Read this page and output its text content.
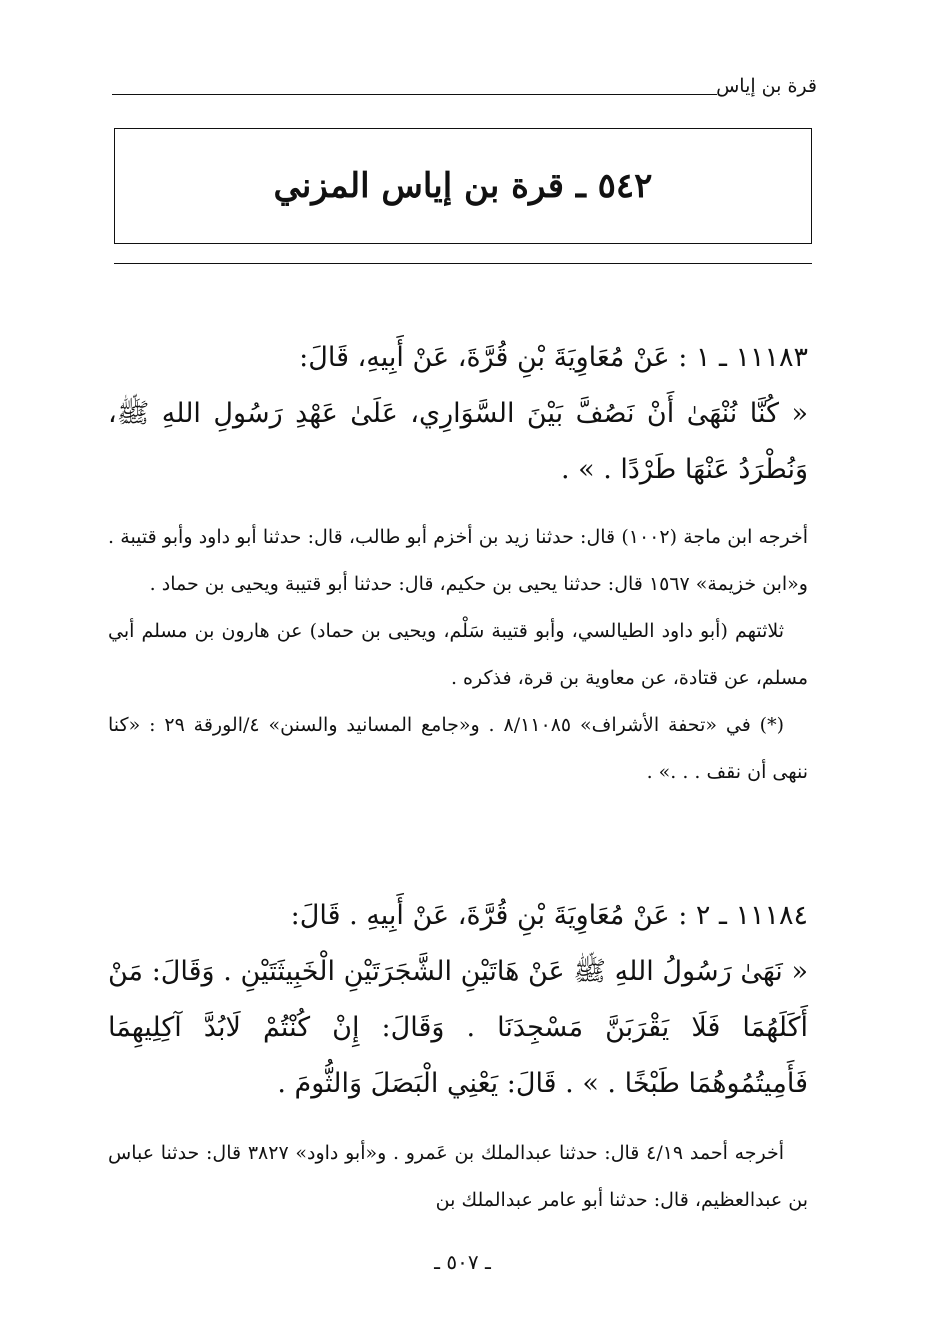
قرة بن إياس
٥٤٢ ـ قرة بن إياس المزني

١١١٨٣ ـ ١ : عَنْ مُعَاوِيَةَ بْنِ قُرَّةَ، عَنْ أَبِيهِ، قَالَ:

« كُنَّا نُنْهَىٰ أَنْ نَصُفَّ بَيْنَ السَّوَارِي، عَلَىٰ عَهْدِ رَسُولِ اللهِ ﷺ، وَنُطْرَدُ عَنْهَا طَرْدًا . » .

أخرجه ابن ماجة (١٠٠٢) قال: حدثنا زيد بن أخزم أبو طالب، قال: حدثنا أبو داود وأبو قتيبة . و«ابن خزيمة» ١٥٦٧ قال: حدثنا يحيى بن حكيم، قال: حدثنا أبو قتيبة ويحيى بن حماد .

ثلاثتهم (أبو داود الطيالسي، وأبو قتيبة سَلْم، ويحيى بن حماد) عن هارون بن مسلم أبي مسلم، عن قتادة، عن معاوية بن قرة، فذكره .

(*) في «تحفة الأشراف» ٨/١١٠٨٥ . و«جامع المسانيد والسنن» ٤/الورقة ٢٩ : «كنا ننهى أن نقف . . .» .

١١١٨٤ ـ ٢ : عَنْ مُعَاوِيَةَ بْنِ قُرَّةَ، عَنْ أَبِيهِ . قَالَ:

« نَهَىٰ رَسُولُ اللهِ ﷺ عَنْ هَاتَيْنِ الشَّجَرَتَيْنِ الْخَبِيثَتَيْنِ . وَقَالَ: مَنْ أَكَلَهُمَا فَلَا يَقْرَبَنَّ مَسْجِدَنَا . وَقَالَ: إِنْ كُنْتُمْ لَابُدَّ آكِلِيهِمَا فَأَمِيتُمُوهُمَا طَبْخًا . » . قَالَ: يَعْنِي الْبَصَلَ وَالثُّومَ .

أخرجه أحمد ٤/١٩ قال: حدثنا عبدالملك بن عَمرو . و«أبو داود» ٣٨٢٧ قال: حدثنا عباس بن عبدالعظيم، قال: حدثنا أبو عامر عبدالملك بن

ـ ٥٠٧ ـ
